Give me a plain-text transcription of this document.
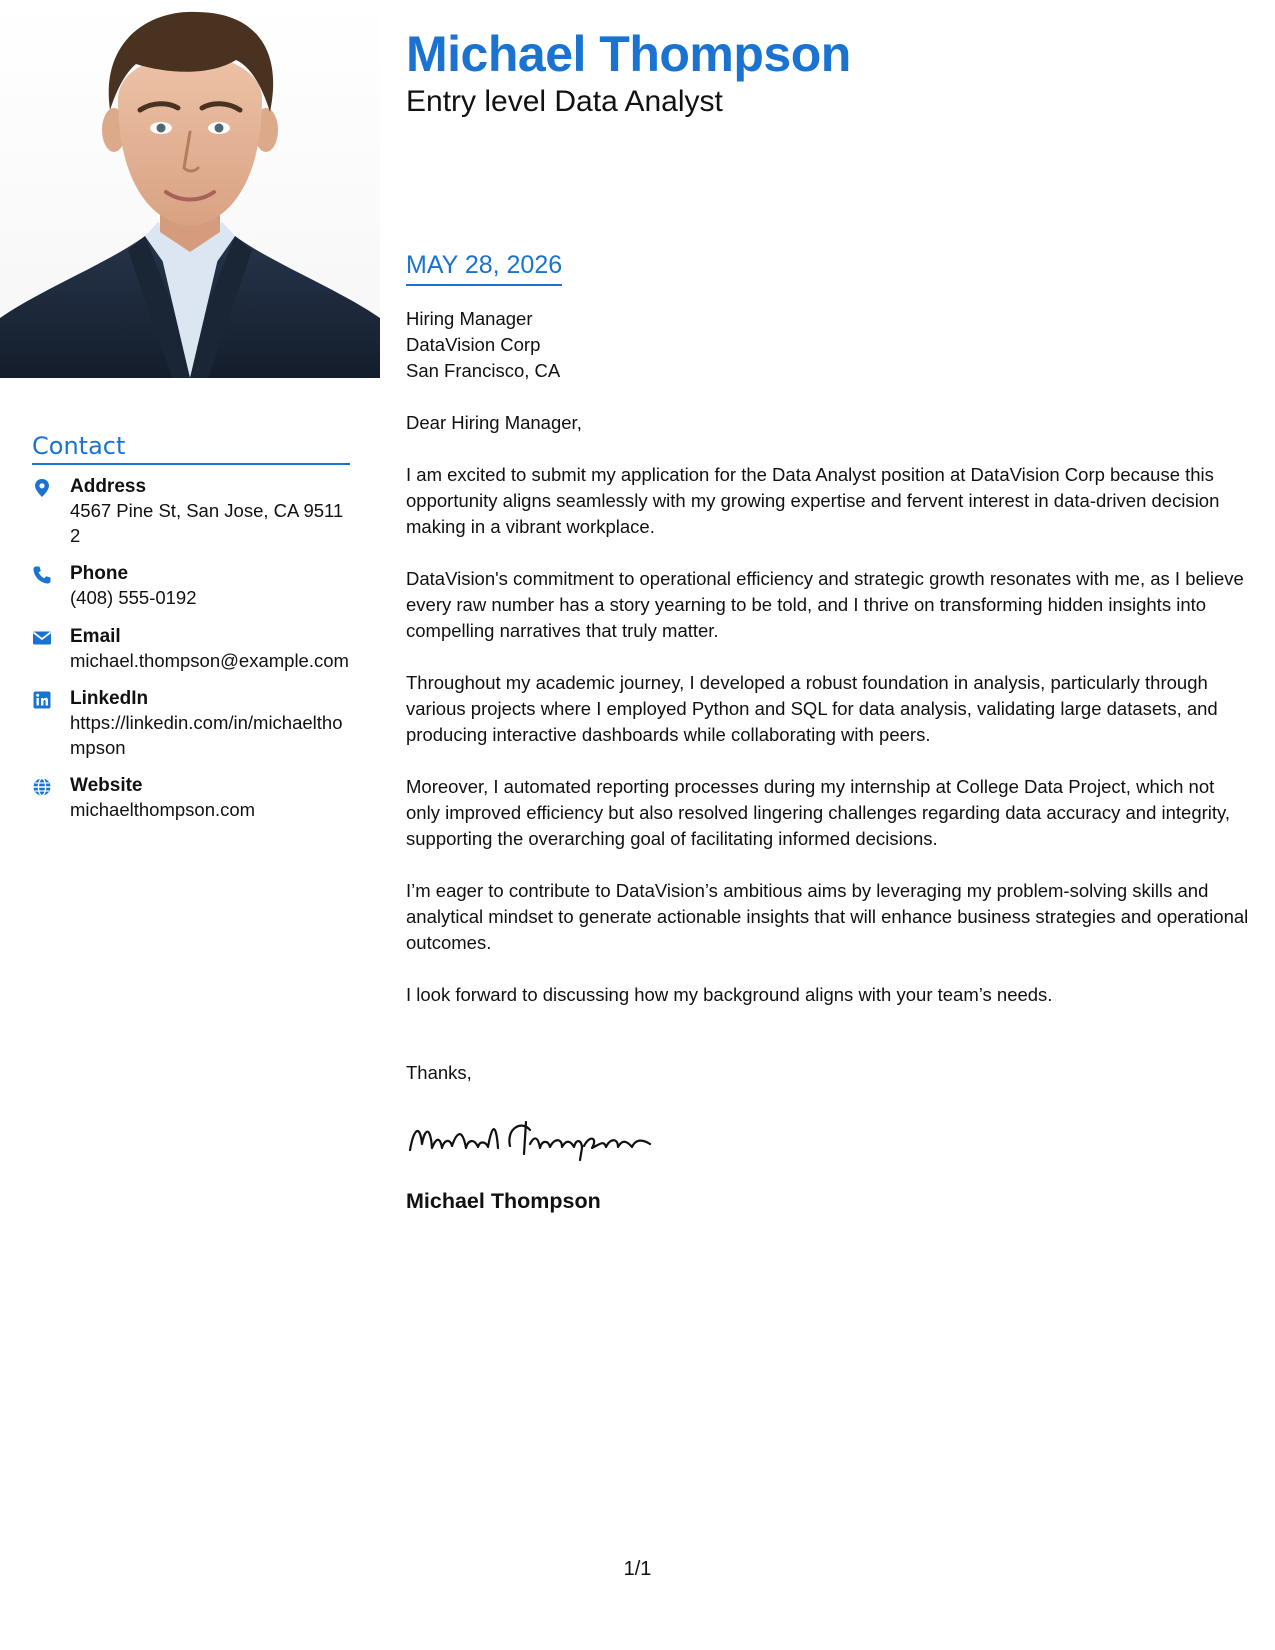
Contact
Address
4567 Pine St, San Jose, CA 95112
Phone
(408) 555-0192
Email
michael.thompson@example.com
LinkedIn
https://linkedin.com/in/michaelthompson
Website
michaelthompson.com
Michael Thompson
Entry level Data Analyst
MAY 28, 2026

Hiring Manager

DataVision Corp

San Francisco, CA

Dear Hiring Manager,

I am excited to submit my application for the Data Analyst position at DataVision Corp because this opportunity aligns seamlessly with my growing expertise and fervent interest in data-driven decision making in a vibrant workplace.

DataVision's commitment to operational efficiency and strategic growth resonates with me, as I believe every raw number has a story yearning to be told, and I thrive on transforming hidden insights into compelling narratives that truly matter.

Throughout my academic journey, I developed a robust foundation in analysis, particularly through various projects where I employed Python and SQL for data analysis, validating large datasets, and producing interactive dashboards while collaborating with peers.

Moreover, I automated reporting processes during my internship at College Data Project, which not only improved efficiency but also resolved lingering challenges regarding data accuracy and integrity, supporting the overarching goal of facilitating informed decisions.

I’m eager to contribute to DataVision’s ambitious aims by leveraging my problem-solving skills and analytical mindset to generate actionable insights that will enhance business strategies and operational outcomes.

I look forward to discussing how my background aligns with your team’s needs.

Thanks,

Michael Thompson
1/1
